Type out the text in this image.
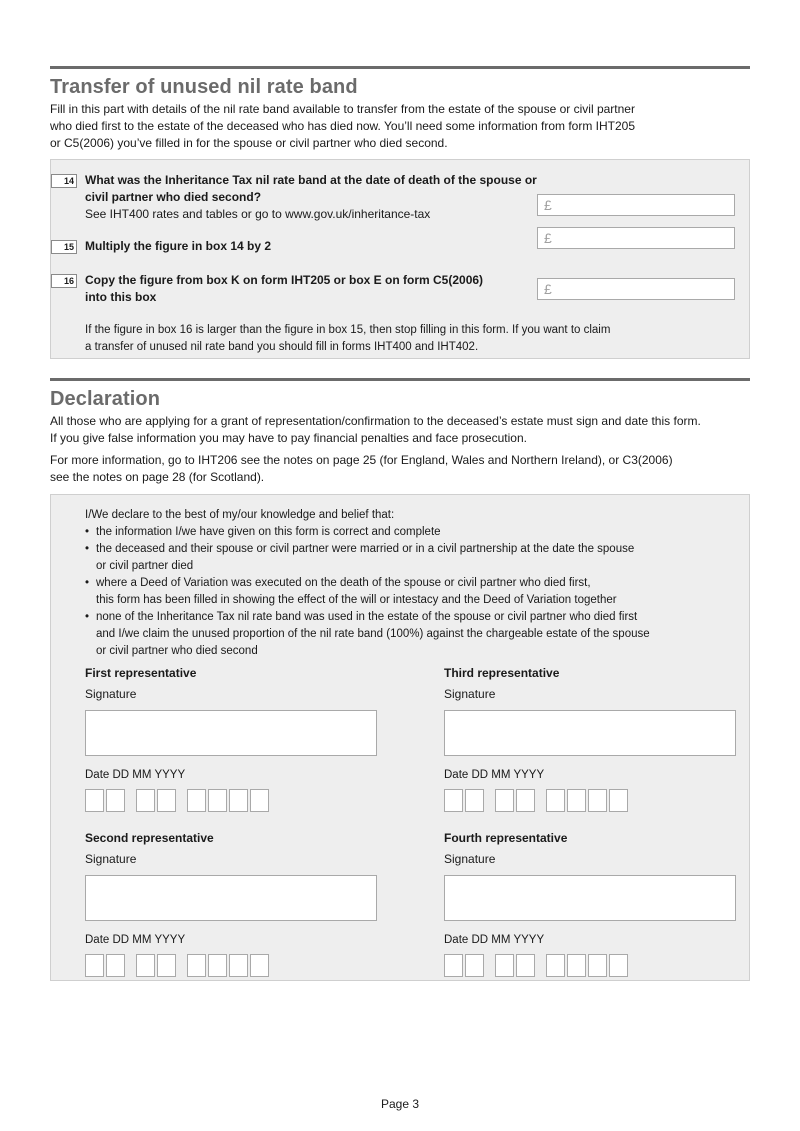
Transfer of unused nil rate band

Fill in this part with details of the nil rate band available to transfer from the estate of the spouse or civil partner
who died first to the estate of the deceased who has died now. You’ll need some information from form IHT205
or C5(2006) you’ve filled in for the spouse or civil partner who died second.

14 What was the Inheritance Tax nil rate band at the date of death of the spouse or
civil partner who died second?
See IHT400 rates and tables or go to www.gov.uk/inheritance-tax

£
15 Multiply the figure in box 14 by 2	£
16 Copy the figure from box K on form IHT205 or box E on form C5(2006)
into this box	£

If the figure in box 16 is larger than the figure in box 15, then stop filling in this form. If you want to claim
a transfer of unused nil rate band you should fill in forms IHT400 and IHT402.

Declaration

All those who are applying for a grant of representation/confirmation to the deceased’s estate must sign and date this form.
If you give false information you may have to pay financial penalties and face prosecution.

For more information, go to IHT206 see the notes on page 25 (for England, Wales and Northern Ireland), or C3(2006)
see the notes on page 28 (for Scotland).

I/We declare to the best of my/our knowledge and belief that:

• the information I/we have given on this form is correct and complete
• the deceased and their spouse or civil partner were married or in a civil partnership at the date the spouse
or civil partner died
• where a Deed of Variation was executed on the death of the spouse or civil partner who died first,
this form has been filled in showing the effect of the will or intestacy and the Deed of Variation together
• none of the Inheritance Tax nil rate band was used in the estate of the spouse or civil partner who died first
and I/we claim the unused proportion of the nil rate band (100%) against the chargeable estate of the spouse
or civil partner who died second
First representative
Signature
Date DD MM YYYY
Third representative
Signature
Date DD MM YYYY
Second representative
Signature
Date DD MM YYYY
Fourth representative
Signature
Date DD MM YYYY
Page 3
